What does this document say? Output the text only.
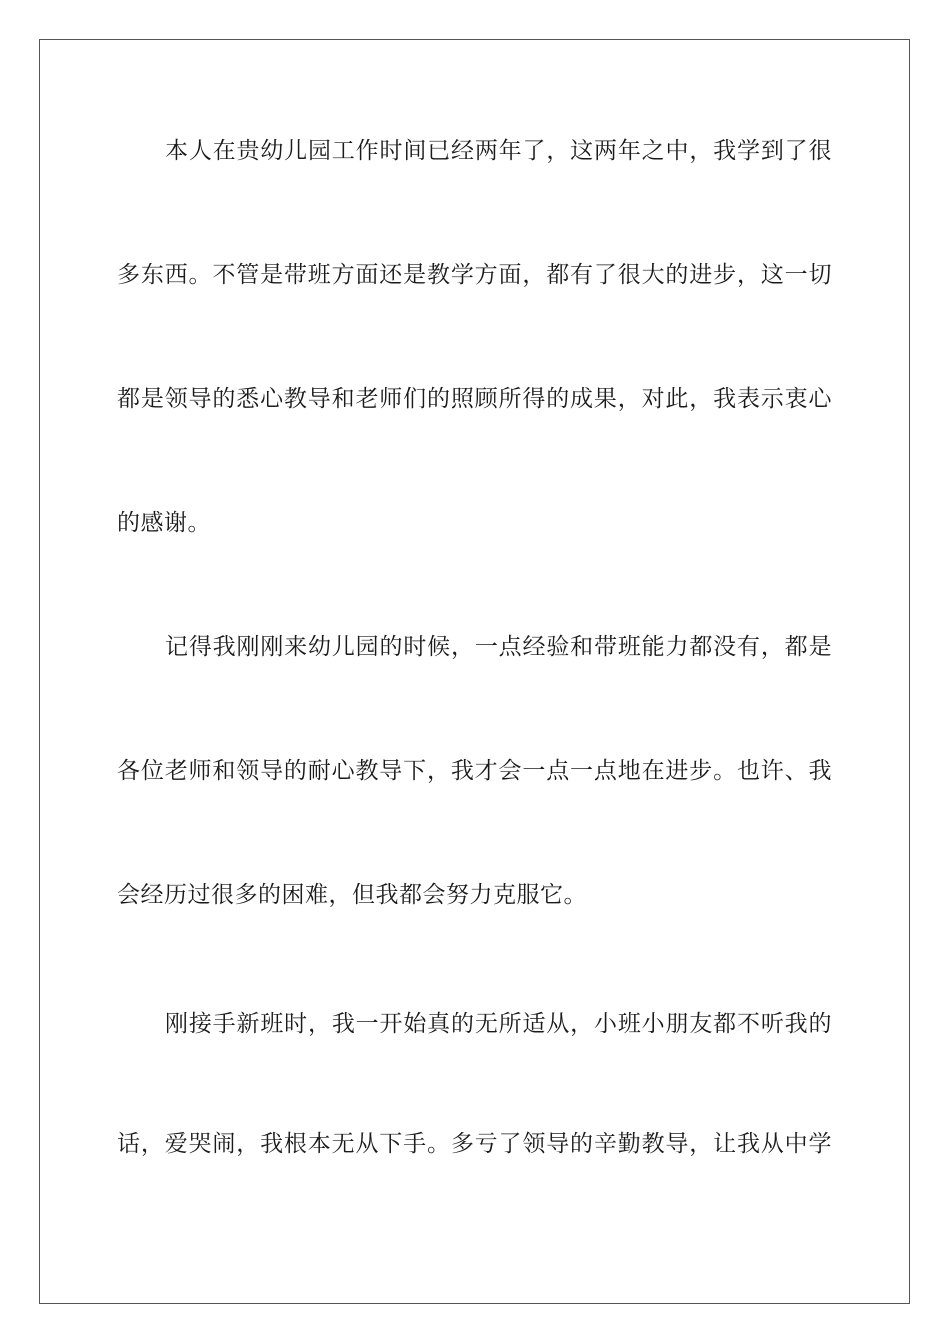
本人在贵幼儿园工作时间已经两年了，这两年之中，我学到了很
多东西。不管是带班方面还是教学方面，都有了很大的进步，这一切
都是领导的悉心教导和老师们的照顾所得的成果，对此，我表示衷心
的感谢。
记得我刚刚来幼儿园的时候，一点经验和带班能力都没有，都是
各位老师和领导的耐心教导下，我才会一点一点地在进步。也许、我
会经历过很多的困难，但我都会努力克服它。
刚接手新班时，我一开始真的无所适从，小班小朋友都不听我的
话，爱哭闹，我根本无从下手。多亏了领导的辛勤教导，让我从中学
